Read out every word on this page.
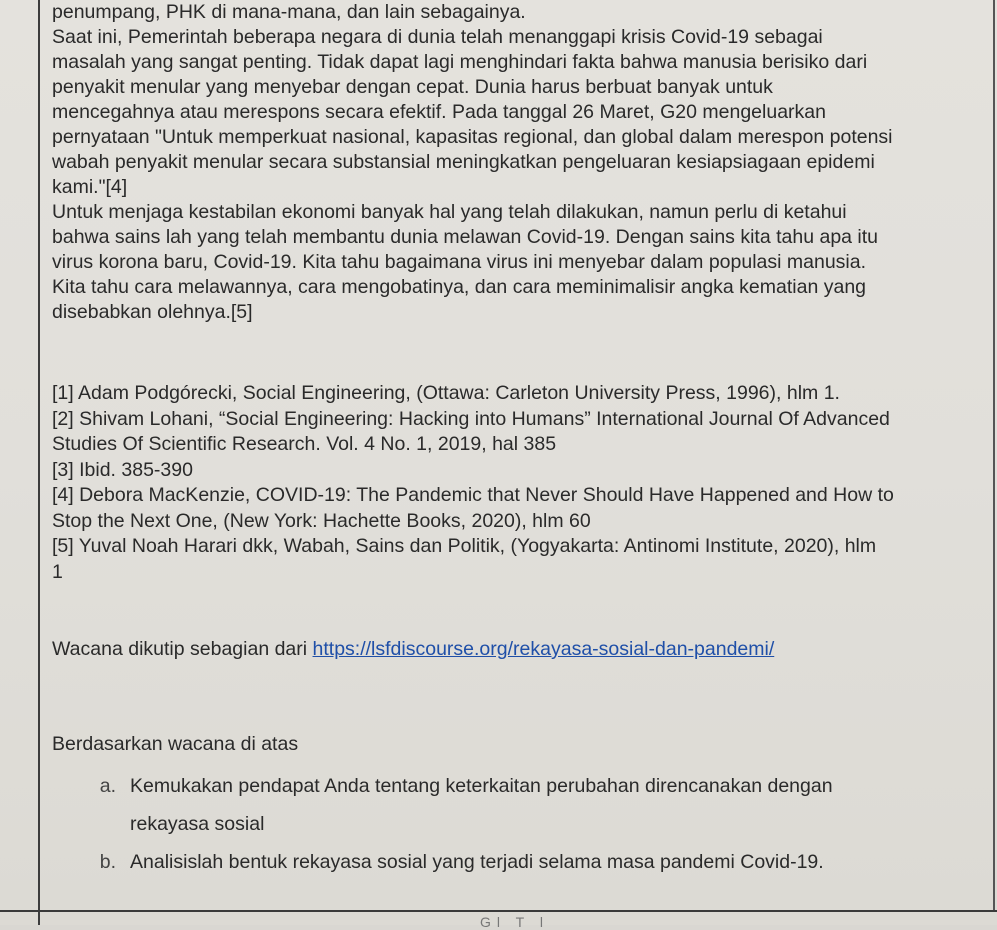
penumpang, PHK di mana-mana, dan lain sebagainya.

Saat ini, Pemerintah beberapa negara di dunia telah menanggapi krisis Covid-19 sebagai
masalah yang sangat penting. Tidak dapat lagi menghindari fakta bahwa manusia berisiko dari
penyakit menular yang menyebar dengan cepat. Dunia harus berbuat banyak untuk
mencegahnya atau merespons secara efektif. Pada tanggal 26 Maret, G20 mengeluarkan
pernyataan "Untuk memperkuat nasional, kapasitas regional, dan global dalam merespon potensi
wabah penyakit menular secara substansial meningkatkan pengeluaran kesiapsiagaan epidemi
kami."[4]

Untuk menjaga kestabilan ekonomi banyak hal yang telah dilakukan, namun perlu di ketahui
bahwa sains lah yang telah membantu dunia melawan Covid-19. Dengan sains kita tahu apa itu
virus korona baru, Covid-19. Kita tahu bagaimana virus ini menyebar dalam populasi manusia.
Kita tahu cara melawannya, cara mengobatinya, dan cara meminimalisir angka kematian yang
disebabkan olehnya.[5]

[1] Adam Podgórecki, Social Engineering, (Ottawa: Carleton University Press, 1996), hlm 1.
[2] Shivam Lohani, “Social Engineering: Hacking into Humans” International Journal Of Advanced
Studies Of Scientific Research. Vol. 4 No. 1, 2019, hal 385
[3] Ibid. 385-390
[4] Debora MacKenzie, COVID-19: The Pandemic that Never Should Have Happened and How to
Stop the Next One, (New York: Hachette Books, 2020), hlm 60
[5] Yuval Noah Harari dkk, Wabah, Sains dan Politik, (Yogyakarta: Antinomi Institute, 2020), hlm
1
Wacana dikutip sebagian dari https://lsfdiscourse.org/rekayasa-sosial-dan-pandemi/
Berdasarkan wacana di atas
a. Kemukakan pendapat Anda tentang keterkaitan perubahan direncanakan dengan
rekayasa sosial
b. Analisislah bentuk rekayasa sosial yang terjadi selama masa pandemi Covid-19.
Gl T l
